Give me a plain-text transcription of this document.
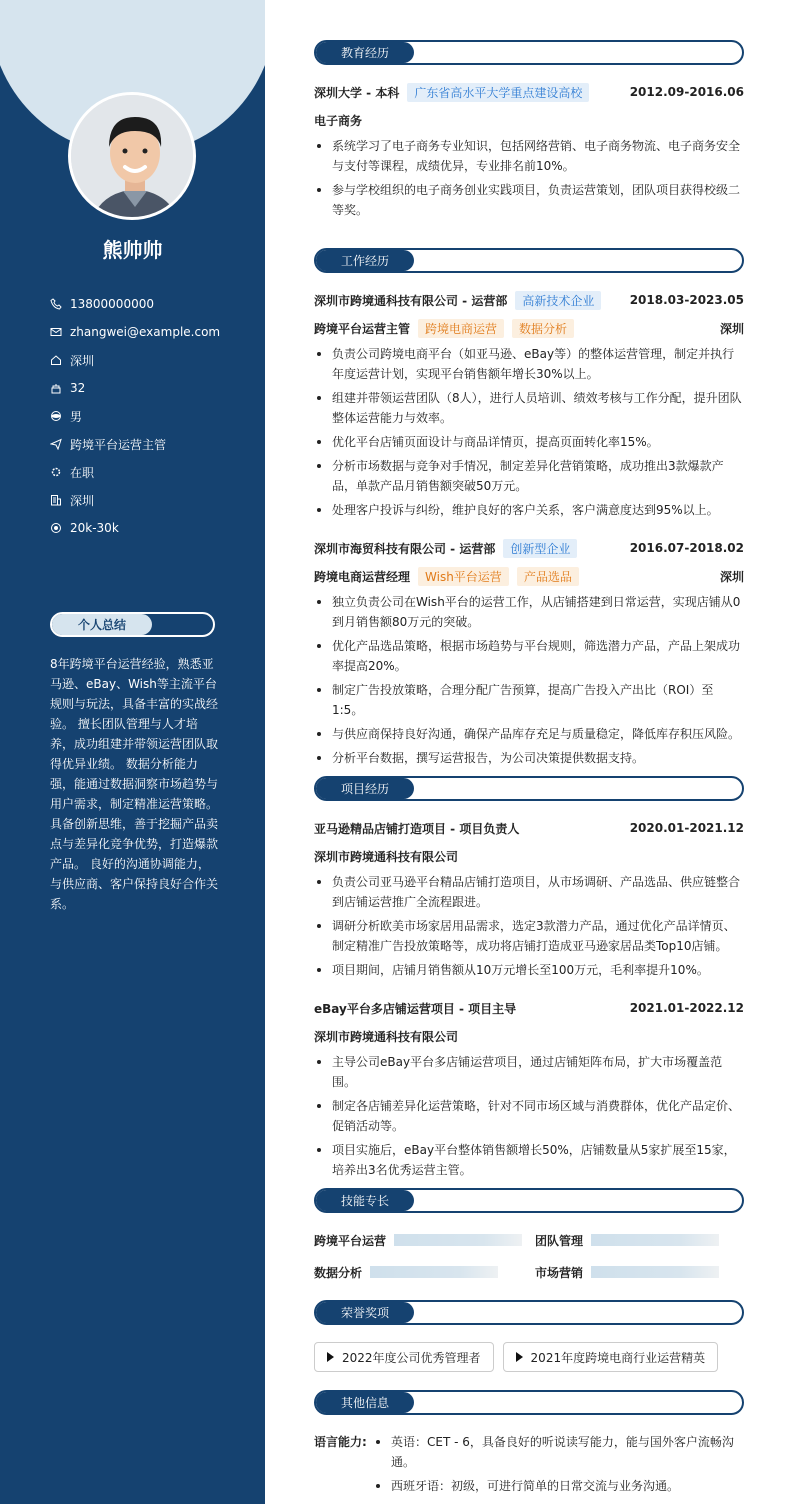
熊帅帅
13800000000
zhangwei@example.com
深圳
32
男
跨境平台运营主管
在职
深圳
20k-30k
个人总结
8年跨境平台运营经验，熟悉亚马逊、eBay、Wish等主流平台规则与玩法，具备丰富的实战经验。 擅长团队管理与人才培养，成功组建并带领运营团队取得优异业绩。 数据分析能力强，能通过数据洞察市场趋势与用户需求，制定精准运营策略。 具备创新思维，善于挖掘产品卖点与差异化竞争优势，打造爆款产品。 良好的沟通协调能力，与供应商、客户保持良好合作关系。
教育经历
深圳大学 - 本科	广东省高水平大学重点建设高校	2012.09-2016.06
电子商务
系统学习了电子商务专业知识，包括网络营销、电子商务物流、电子商务安全与支付等课程，成绩优异，专业排名前10%。
参与学校组织的电子商务创业实践项目，负责运营策划，团队项目获得校级二等奖。
工作经历
深圳市跨境通科技有限公司 - 运营部	高新技术企业	2018.03-2023.05
跨境平台运营主管	跨境电商运营	数据分析	深圳
负责公司跨境电商平台（如亚马逊、eBay等）的整体运营管理，制定并执行年度运营计划，实现平台销售额年增长30%以上。
组建并带领运营团队（8人），进行人员培训、绩效考核与工作分配，提升团队整体运营能力与效率。
优化平台店铺页面设计与商品详情页，提高页面转化率15%。
分析市场数据与竞争对手情况，制定差异化营销策略，成功推出3款爆款产品，单款产品月销售额突破50万元。
处理客户投诉与纠纷，维护良好的客户关系，客户满意度达到95%以上。
深圳市海贸科技有限公司 - 运营部	创新型企业	2016.07-2018.02
跨境电商运营经理	Wish平台运营	产品选品	深圳
独立负责公司在Wish平台的运营工作，从店铺搭建到日常运营，实现店铺从0到月销售额80万元的突破。
优化产品选品策略，根据市场趋势与平台规则，筛选潜力产品，产品上架成功率提高20%。
制定广告投放策略，合理分配广告预算，提高广告投入产出比（ROI）至1:5。
与供应商保持良好沟通，确保产品库存充足与质量稳定，降低库存积压风险。
分析平台数据，撰写运营报告，为公司决策提供数据支持。
项目经历
亚马逊精品店铺打造项目 - 项目负责人	2020.01-2021.12
深圳市跨境通科技有限公司
负责公司亚马逊平台精品店铺打造项目，从市场调研、产品选品、供应链整合到店铺运营推广全流程跟进。
调研分析欧美市场家居用品需求，选定3款潜力产品，通过优化产品详情页、制定精准广告投放策略等，成功将店铺打造成亚马逊家居品类Top10店铺。
项目期间，店铺月销售额从10万元增长至100万元，毛利率提升10%。
eBay平台多店铺运营项目 - 项目主导	2021.01-2022.12
深圳市跨境通科技有限公司
主导公司eBay平台多店铺运营项目，通过店铺矩阵布局，扩大市场覆盖范围。
制定各店铺差异化运营策略，针对不同市场区域与消费群体，优化产品定价、促销活动等。
项目实施后，eBay平台整体销售额增长50%，店铺数量从5家扩展至15家，培养出3名优秀运营主管。
技能专长
跨境平台运营	团队管理
数据分析	市场营销
荣誉奖项
2022年度公司优秀管理者	2021年度跨境电商行业运营精英
其他信息
语言能力:	英语：CET - 6，具备良好的听说读写能力，能与国外客户流畅沟通。
西班牙语：初级，可进行简单的日常交流与业务沟通。
